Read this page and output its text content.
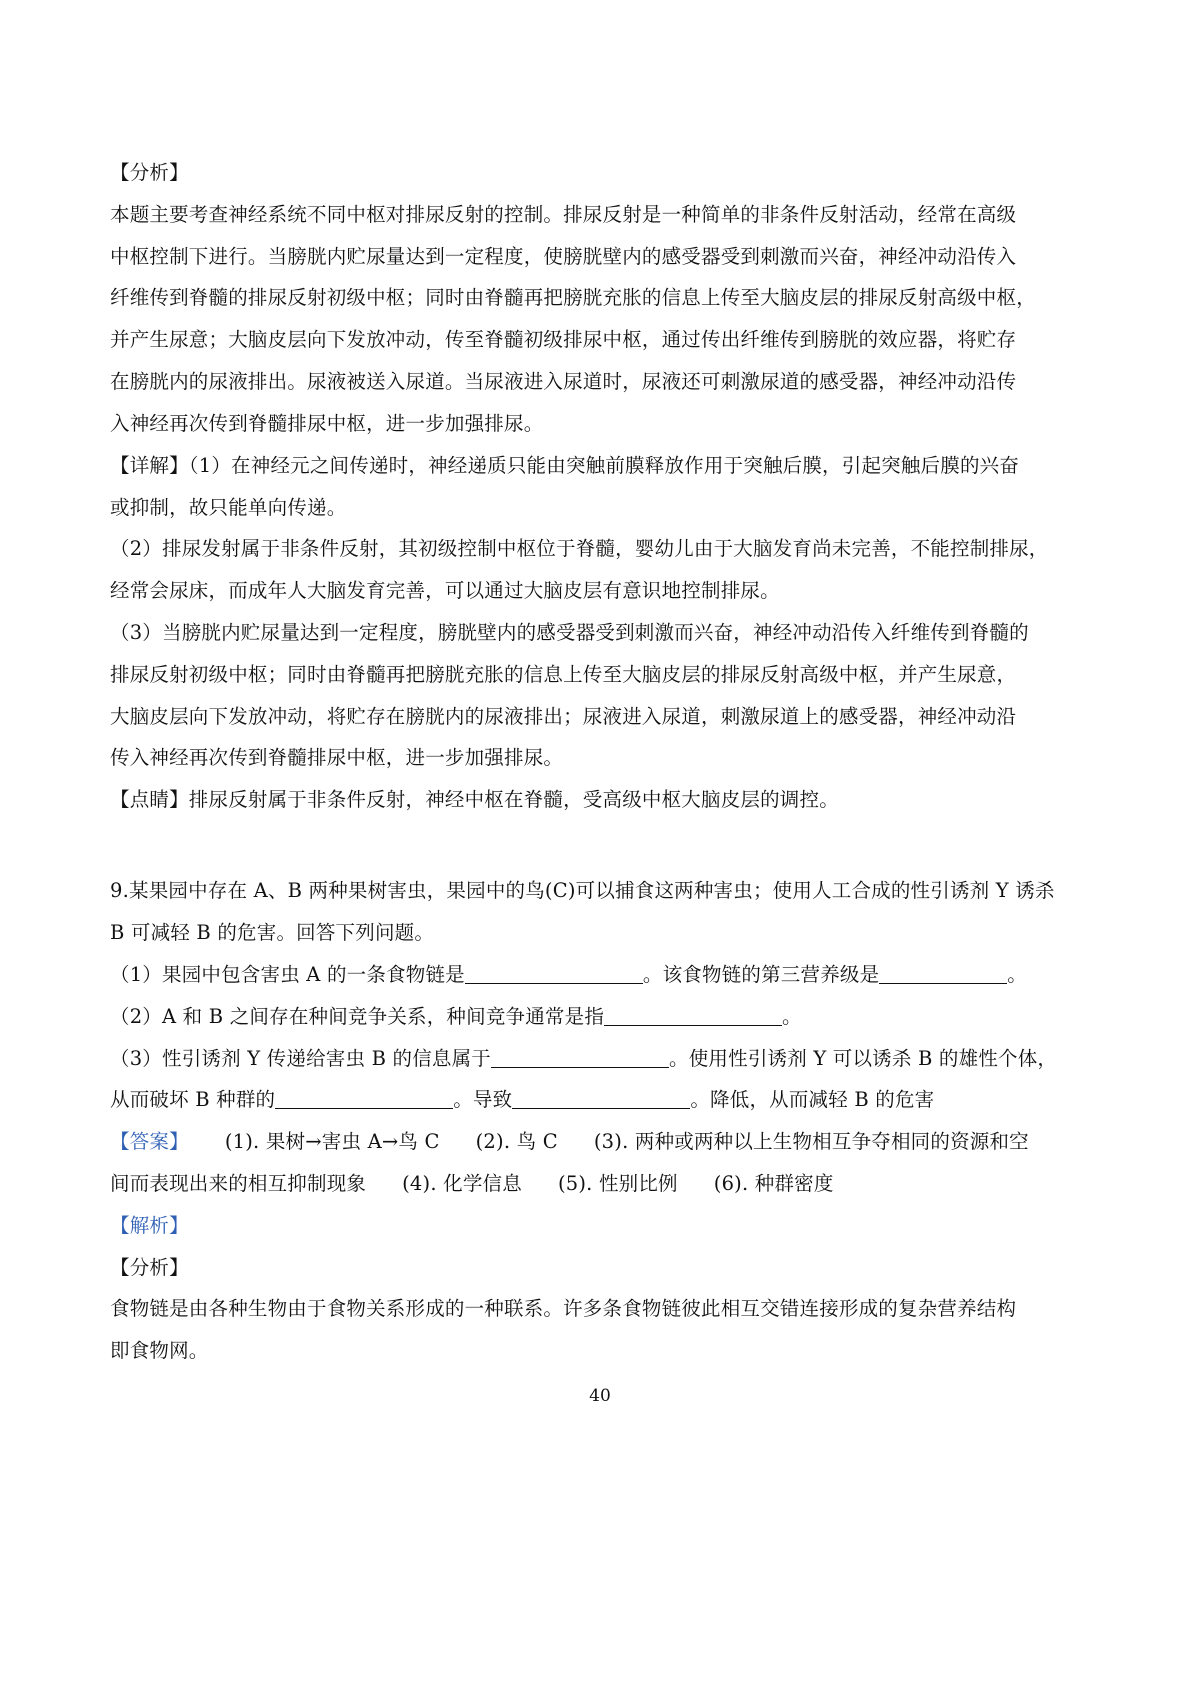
【分析】
本题主要考查神经系统不同中枢对排尿反射的控制。排尿反射是一种简单的非条件反射活动，经常在高级
中枢控制下进行。当膀胱内贮尿量达到一定程度，使膀胱壁内的感受器受到刺激而兴奋，神经冲动沿传入
纤维传到脊髓的排尿反射初级中枢；同时由脊髓再把膀胱充胀的信息上传至大脑皮层的排尿反射高级中枢，
并产生尿意；大脑皮层向下发放冲动，传至脊髓初级排尿中枢，通过传出纤维传到膀胱的效应器，将贮存
在膀胱内的尿液排出。尿液被送入尿道。当尿液进入尿道时，尿液还可刺激尿道的感受器，神经冲动沿传
入神经再次传到脊髓排尿中枢，进一步加强排尿。
【详解】（1）在神经元之间传递时，神经递质只能由突触前膜释放作用于突触后膜，引起突触后膜的兴奋
或抑制，故只能单向传递。
（2）排尿发射属于非条件反射，其初级控制中枢位于脊髓，婴幼儿由于大脑发育尚未完善，不能控制排尿，
经常会尿床，而成年人大脑发育完善，可以通过大脑皮层有意识地控制排尿。
（3）当膀胱内贮尿量达到一定程度，膀胱壁内的感受器受到刺激而兴奋，神经冲动沿传入纤维传到脊髓的
排尿反射初级中枢；同时由脊髓再把膀胱充胀的信息上传至大脑皮层的排尿反射高级中枢，并产生尿意，
大脑皮层向下发放冲动，将贮存在膀胱内的尿液排出；尿液进入尿道，刺激尿道上的感受器，神经冲动沿
传入神经再次传到脊髓排尿中枢，进一步加强排尿。
【点睛】排尿反射属于非条件反射，神经中枢在脊髓，受高级中枢大脑皮层的调控。
9.某果园中存在 A、B 两种果树害虫，果园中的鸟(C)可以捕食这两种害虫；使用人工合成的性引诱剂 Y 诱杀
B 可减轻 B 的危害。回答下列问题。
（1）果园中包含害虫 A 的一条食物链是	。该食物链的第三营养级是	。
（2）A 和 B 之间存在种间竞争关系，种间竞争通常是指	。
（3）性引诱剂 Y 传递给害虫 B 的信息属于	。使用性引诱剂 Y 可以诱杀 B 的雄性个体，
从而破坏 B 种群的	。导致	。降低，从而减轻 B 的危害
【答案】 (1). 果树→害虫 A→鸟 C (2). 鸟 C (3). 两种或两种以上生物相互争夺相同的资源和空
间而表现出来的相互抑制现象 (4). 化学信息 (5). 性别比例 (6). 种群密度
【解析】
【分析】
食物链是由各种生物由于食物关系形成的一种联系。许多条食物链彼此相互交错连接形成的复杂营养结构
即食物网。
40
